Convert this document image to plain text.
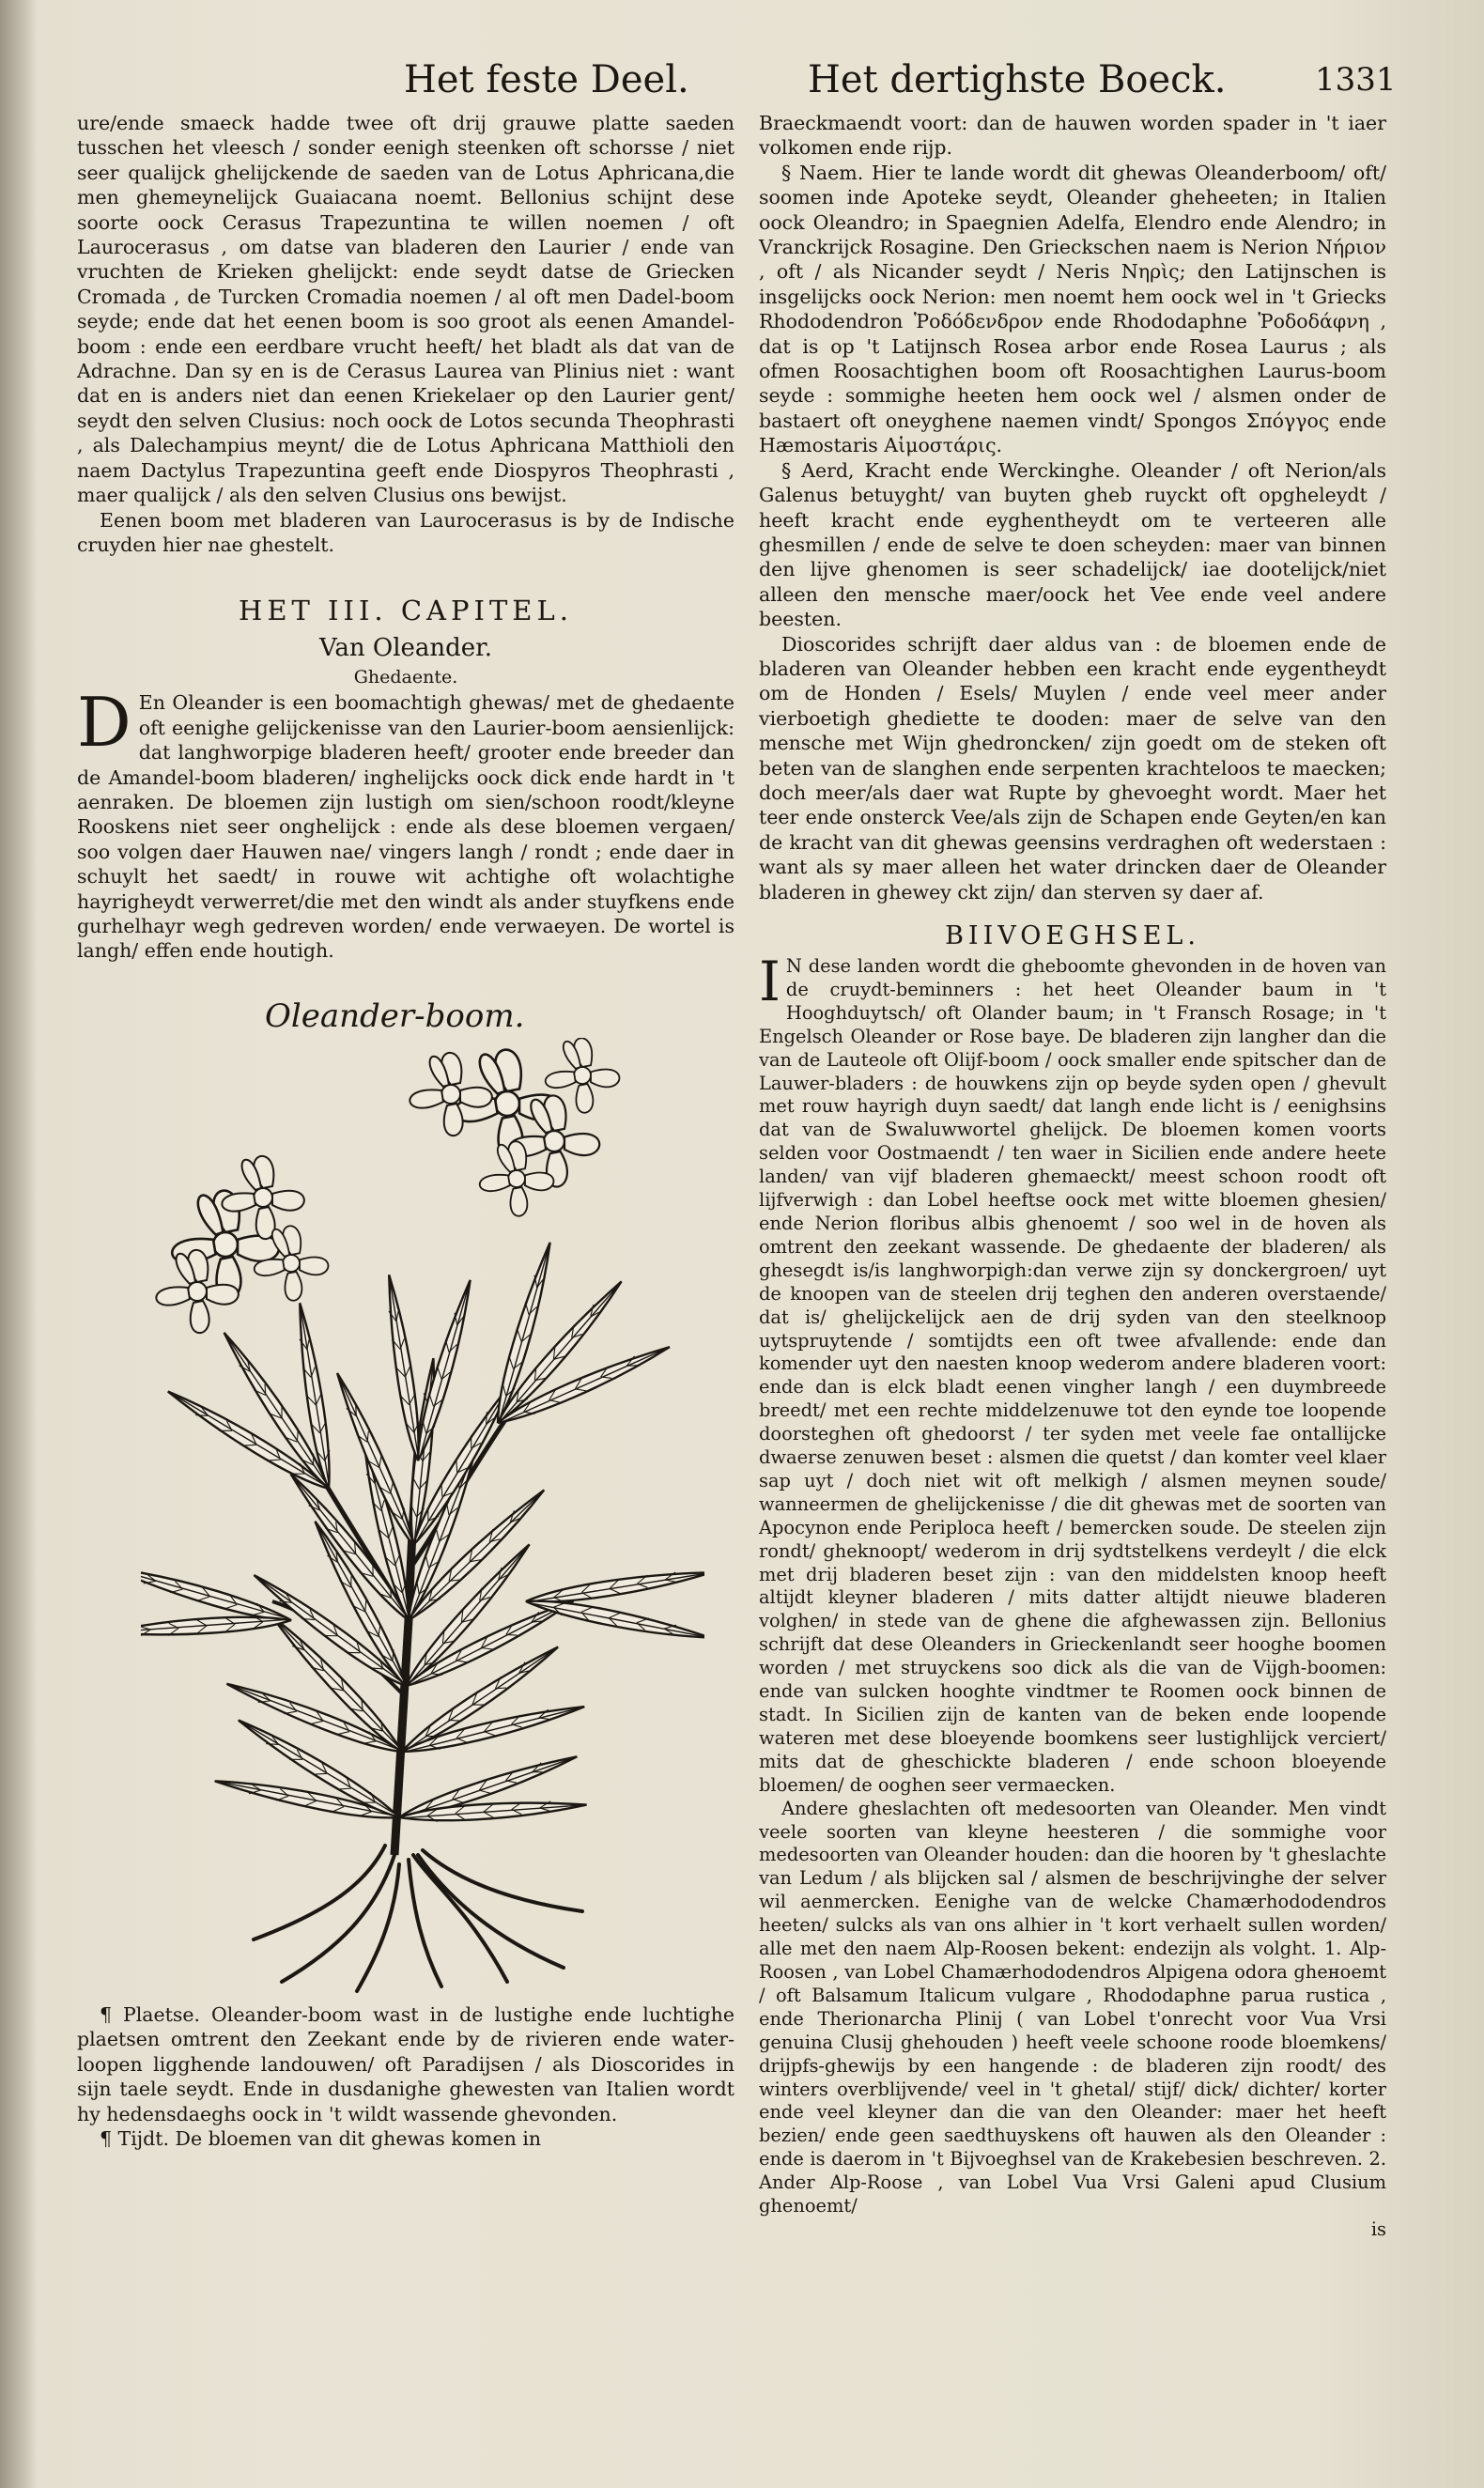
Het feste Deel.	Het dertighste Boeck.	1331

ure/ende smaeck hadde twee oft drij grauwe platte saeden tusschen het vleesch / sonder eenigh steenken oft schorsse / niet seer qualijck ghelijckende de saeden van de Lotus Aphricana,die men ghemeynelijck Guaiacana noemt. Bellonius schijnt dese soorte oock Cerasus Trapezuntina te willen noemen / oft Laurocerasus , om datse van bladeren den Laurier / ende van vruchten de Krieken ghelijckt: ende seydt datse de Griecken Cromada , de Turcken Cromadia noemen / al oft men Dadel-boom seyde; ende dat het eenen boom is soo groot als eenen Amandel-boom : ende een eerdbare vrucht heeft/ het bladt als dat van de Adrachne. Dan sy en is de Cerasus Laurea van Plinius niet : want dat en is anders niet dan eenen Kriekelaer op den Laurier gent/ seydt den selven Clusius: noch oock de Lotos secunda Theophrasti , als Dalechampius meynt/ die de Lotus Aphricana Matthioli den naem Dactylus Trapezuntina geeft ende Diospyros Theophrasti , maer qualijck / als den selven Clusius ons bewijst.

Eenen boom met bladeren van Laurocerasus is by de Indische cruyden hier nae ghestelt.

HET III. CAPITEL.
Van Oleander.
Ghedaente.

D En Oleander is een boomachtigh ghewas/ met de ghedaente oft eenighe gelijckenisse van den Laurier-boom aensienlijck: dat langhworpige bladeren heeft/ grooter ende breeder dan de Amandel-boom bladeren/ inghelijcks oock dick ende hardt in 't aenraken. De bloemen zijn lustigh om sien/schoon roodt/kleyne Rooskens niet seer onghelijck : ende als dese bloemen vergaen/ soo volgen daer Hauwen nae/ vingers langh / rondt ; ende daer in schuylt het saedt/ in rouwe wit achtighe oft wolachtighe hayrigheydt verwerret/die met den windt als ander stuyfkens ende gurhelhayr wegh gedreven worden/ ende verwaeyen. De wortel is langh/ effen ende houtigh.

Oleander-boom.

¶ Plaetse. Oleander-boom wast in de lustighe ende luchtighe plaetsen omtrent den Zeekant ende by de rivieren ende water-loopen ligghende landouwen/ oft Paradijsen / als Dioscorides in sijn taele seydt. Ende in dusdanighe ghewesten van Italien wordt hy hedensdaeghs oock in 't wildt wassende ghevonden.

¶ Tijdt. De bloemen van dit ghewas komen in

Braeckmaendt voort: dan de hauwen worden spader in 't iaer volkomen ende rijp.

§ Naem. Hier te lande wordt dit ghewas Oleanderboom/ oft/ soomen inde Apoteke seydt, Oleander gheheeten; in Italien oock Oleandro; in Spaegnien Adelfa, Elendro ende Alendro; in Vranckrijck Rosagine. Den Grieckschen naem is Nerion Νήριον , oft / als Nicander seydt / Neris Νηρὶς; den Latijnschen is insgelijcks oock Nerion: men noemt hem oock wel in 't Griecks Rhododendron Ῥοδόδενδρον ende Rhododaphne Ῥοδοδάφνη , dat is op 't Latijnsch Rosea arbor ende Rosea Laurus ; als ofmen Roosachtighen boom oft Roosachtighen Laurus-boom seyde : sommighe heeten hem oock wel / alsmen onder de bastaert oft oneyghene naemen vindt/ Spongos Σπόγγος ende Hæmostaris Αἱμοστάρις.

§ Aerd, Kracht ende Werckinghe. Oleander / oft Nerion/als Galenus betuyght/ van buyten gheb ruyckt oft opgheleydt / heeft kracht ende eyghentheydt om te verteeren alle ghesmillen / ende de selve te doen scheyden: maer van binnen den lijve ghenomen is seer schadelijck/ iae dootelijck/niet alleen den mensche maer/oock het Vee ende veel andere beesten.

Dioscorides schrijft daer aldus van : de bloemen ende de bladeren van Oleander hebben een kracht ende eygentheydt om de Honden / Esels/ Muylen / ende veel meer ander vierboetigh ghediette te dooden: maer de selve van den mensche met Wijn ghedroncken/ zijn goedt om de steken oft beten van de slanghen ende serpenten krachteloos te maecken; doch meer/als daer wat Rupte by ghevoeght wordt. Maer het teer ende onsterck Vee/als zijn de Schapen ende Geyten/en kan de kracht van dit ghewas geensins verdraghen oft wederstaen : want als sy maer alleen het water drincken daer de Oleander bladeren in ghewey ckt zijn/ dan sterven sy daer af.

BIIVOEGHSEL.

I N dese landen wordt die gheboomte ghevonden in de hoven van de cruydt-beminners : het heet Oleander baum in 't Hooghduytsch/ oft Olander baum; in 't Fransch Rosage; in 't Engelsch Oleander or Rose baye. De bladeren zijn langher dan die van de Lauteole oft Olijf-boom / oock smaller ende spitscher dan de Lauwer-bladers : de houwkens zijn op beyde syden open / ghevult met rouw hayrigh duyn saedt/ dat langh ende licht is / eenighsins dat van de Swaluwwortel ghelijck. De bloemen komen voorts selden voor Oostmaendt / ten waer in Sicilien ende andere heete landen/ van vijf bladeren ghemaeckt/ meest schoon roodt oft lijfverwigh : dan Lobel heeftse oock met witte bloemen ghesien/ ende Nerion floribus albis ghenoemt / soo wel in de hoven als omtrent den zeekant wassende. De ghedaente der bladeren/ als ghesegdt is/is langhworpigh:dan verwe zijn sy donckergroen/ uyt de knoopen van de steelen drij teghen den anderen overstaende/ dat is/ ghelijckelijck aen de drij syden van den steelknoop uytspruytende / somtijdts een oft twee afvallende: ende dan komender uyt den naesten knoop wederom andere bladeren voort: ende dan is elck bladt eenen vingher langh / een duymbreede breedt/ met een rechte middelzenuwe tot den eynde toe loopende doorsteghen oft ghedoorst / ter syden met veele fae ontallijcke dwaerse zenuwen beset : alsmen die quetst / dan komter veel klaer sap uyt / doch niet wit oft melkigh / alsmen meynen soude/ wanneermen de ghelijckenisse / die dit ghewas met de soorten van Apocynon ende Periploca heeft / bemercken soude. De steelen zijn rondt/ gheknoopt/ wederom in drij sydtstelkens verdeylt / die elck met drij bladeren beset zijn : van den middelsten knoop heeft altijdt kleyner bladeren / mits datter altijdt nieuwe bladeren volghen/ in stede van de ghene die afghewassen zijn. Bellonius schrijft dat dese Oleanders in Grieckenlandt seer hooghe boomen worden / met struyckens soo dick als die van de Vijgh-boomen: ende van sulcken hooghte vindtmer te Roomen oock binnen de stadt. In Sicilien zijn de kanten van de beken ende loopende wateren met dese bloeyende boomkens seer lustighlijck verciert/ mits dat de gheschickte bladeren / ende schoon bloeyende bloemen/ de ooghen seer vermaecken.

Andere gheslachten oft medesoorten van Oleander. Men vindt veele soorten van kleyne heesteren / die sommighe voor medesoorten van Oleander houden: dan die hooren by 't gheslachte van Ledum / als blijcken sal / alsmen de beschrijvinghe der selver wil aenmercken. Eenighe van de welcke Chamærhododendros heeten/ sulcks als van ons alhier in 't kort verhaelt sullen worden/ alle met den naem Alp-Roosen bekent: endezijn als volght. 1. Alp-Roosen , van Lobel Chamærhododendros Alpigena odora gheноemt / oft Balsamum Italicum vulgare , Rhododaphne parua rustica , ende Therionarcha Plinij ( van Lobel t'onrecht voor Vua Vrsi genuina Clusij ghehouden ) heeft veele schoone roode bloemkens/ drijpfs-ghewijs by een hangende : de bladeren zijn roodt/ des winters overblijvende/ veel in 't ghetal/ stijf/ dick/ dichter/ korter ende veel kleyner dan die van den Oleander: maer het heeft bezien/ ende geen saedthuyskens oft hauwen als den Oleander : ende is daerom in 't Bijvoeghsel van de Krakebesien beschreven. 2. Ander Alp-Roose , van Lobel Vua Vrsi Galeni apud Clusium ghenoemt/

is
